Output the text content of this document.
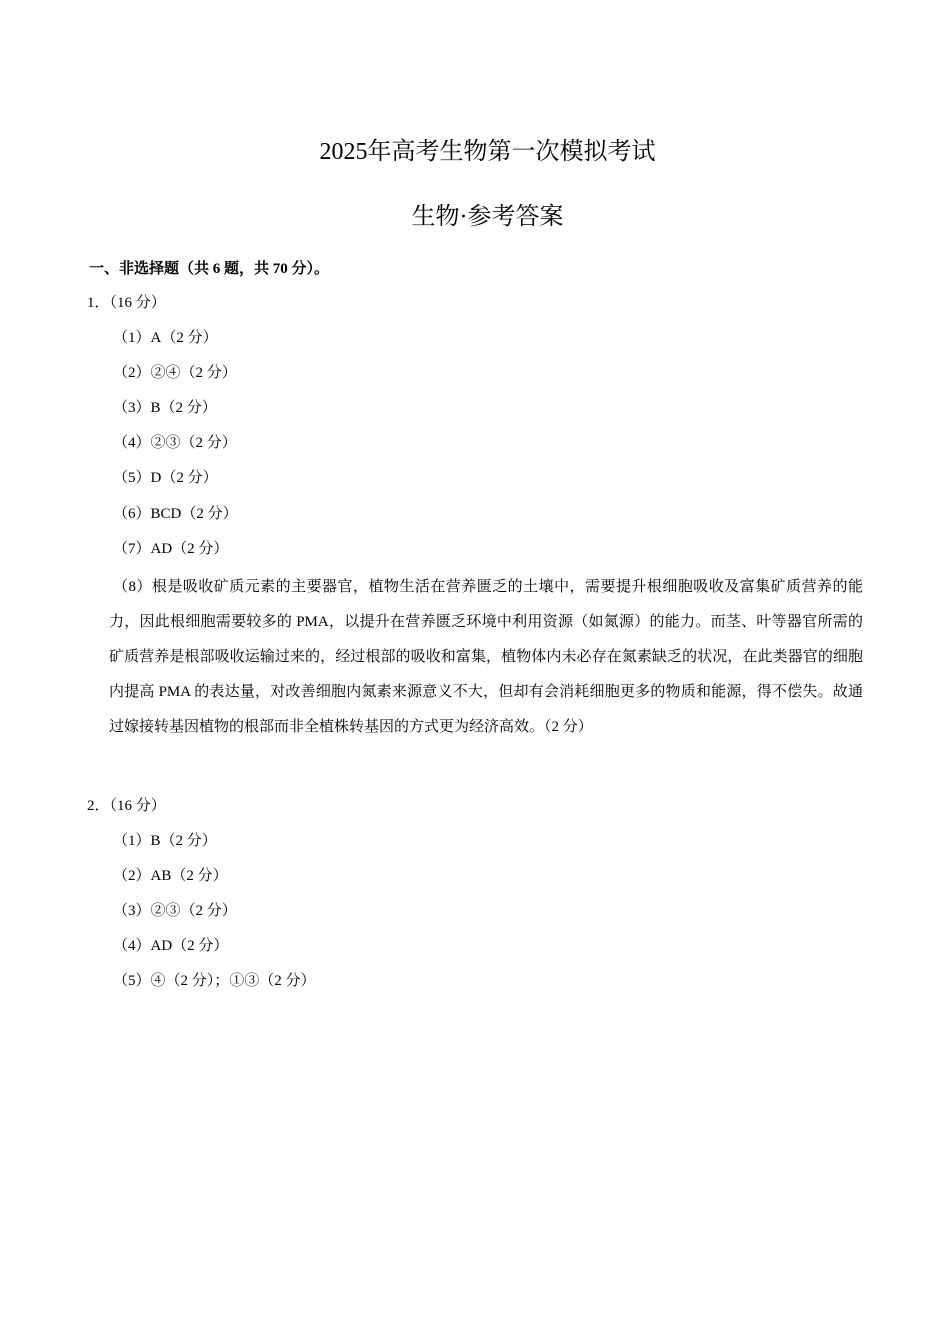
2025年高考生物第一次模拟考试
生物·参考答案

一、非选择题（共 6 题，共 70 分）。

1．（16 分）

（1）A（2 分）

（2）②④（2 分）

（3）B（2 分）

（4）②③（2 分）

（5）D（2 分）

（6）BCD（2 分）

（7）AD（2 分）

（8）根是吸收矿质元素的主要器官，植物生活在营养匮乏的土壤中，需要提升根细胞吸收及富集矿质营养的能力，因此根细胞需要较多的 PMA，以提升在营养匮乏环境中利用资源（如氮源）的能力。而茎、叶等器官所需的矿质营养是根部吸收运输过来的，经过根部的吸收和富集，植物体内未必存在氮素缺乏的状况，在此类器官的细胞内提高 PMA 的表达量，对改善细胞内氮素来源意义不大，但却有会消耗细胞更多的物质和能源，得不偿失。故通过嫁接转基因植物的根部而非全植株转基因的方式更为经济高效。（2 分）

2．（16 分）

（1）B（2 分）

（2）AB（2 分）

（3）②③（2 分）

（4）AD（2 分）

（5）④（2 分）；①③（2 分）
